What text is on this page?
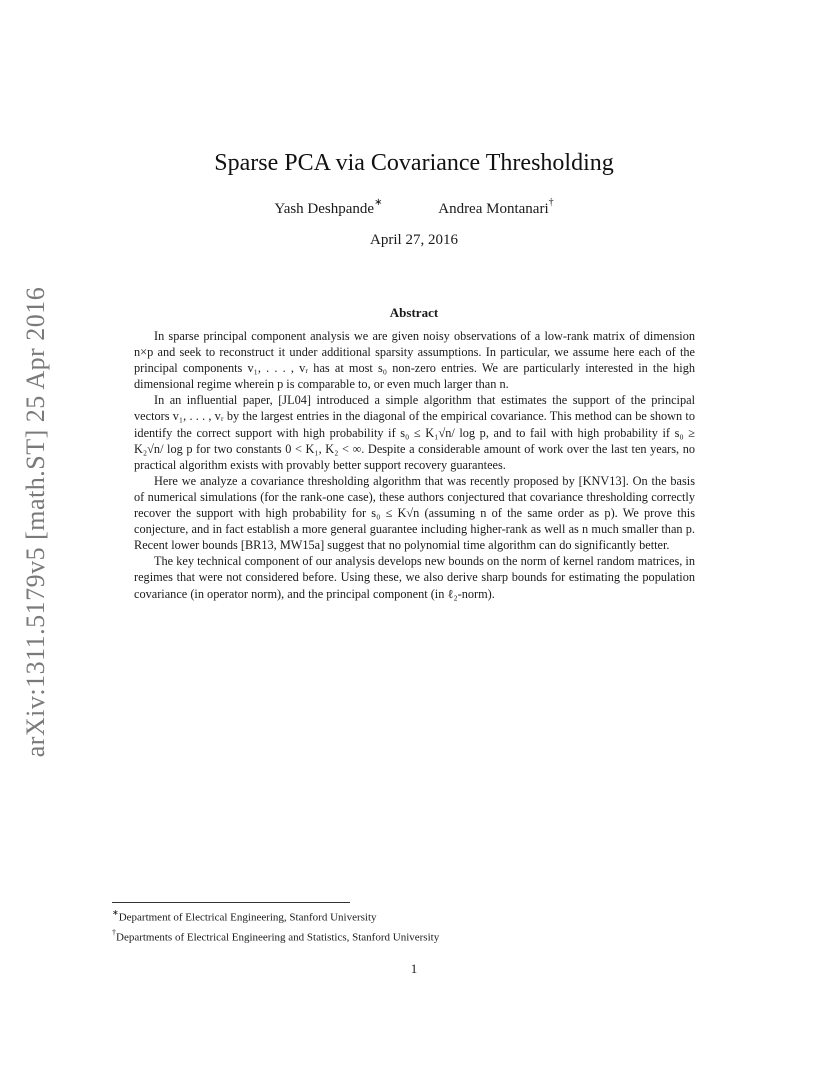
arXiv:1311.5179v5 [math.ST] 25 Apr 2016
Sparse PCA via Covariance Thresholding
Yash Deshpande∗	Andrea Montanari†
April 27, 2016
Abstract

In sparse principal component analysis we are given noisy observations of a low-rank matrix of dimension n×p and seek to reconstruct it under additional sparsity assumptions. In particular, we assume here each of the principal components v₁, . . . , vᵣ has at most s₀ non-zero entries. We are particularly interested in the high dimensional regime wherein p is comparable to, or even much larger than n.

In an influential paper, [JL04] introduced a simple algorithm that estimates the support of the principal vectors v₁, . . . , vᵣ by the largest entries in the diagonal of the empirical covariance. This method can be shown to identify the correct support with high probability if s₀ ≤ K₁√n/ log p, and to fail with high probability if s₀ ≥ K₂√n/ log p for two constants 0 < K₁, K₂ < ∞. Despite a considerable amount of work over the last ten years, no practical algorithm exists with provably better support recovery guarantees.

Here we analyze a covariance thresholding algorithm that was recently proposed by [KNV13]. On the basis of numerical simulations (for the rank-one case), these authors conjectured that covariance thresholding correctly recover the support with high probability for s₀ ≤ K√n (assuming n of the same order as p). We prove this conjecture, and in fact establish a more general guarantee including higher-rank as well as n much smaller than p. Recent lower bounds [BR13, MW15a] suggest that no polynomial time algorithm can do significantly better.

The key technical component of our analysis develops new bounds on the norm of kernel random matrices, in regimes that were not considered before. Using these, we also derive sharp bounds for estimating the population covariance (in operator norm), and the principal component (in ℓ₂-norm).

∗Department of Electrical Engineering, Stanford University
†Departments of Electrical Engineering and Statistics, Stanford University
1
